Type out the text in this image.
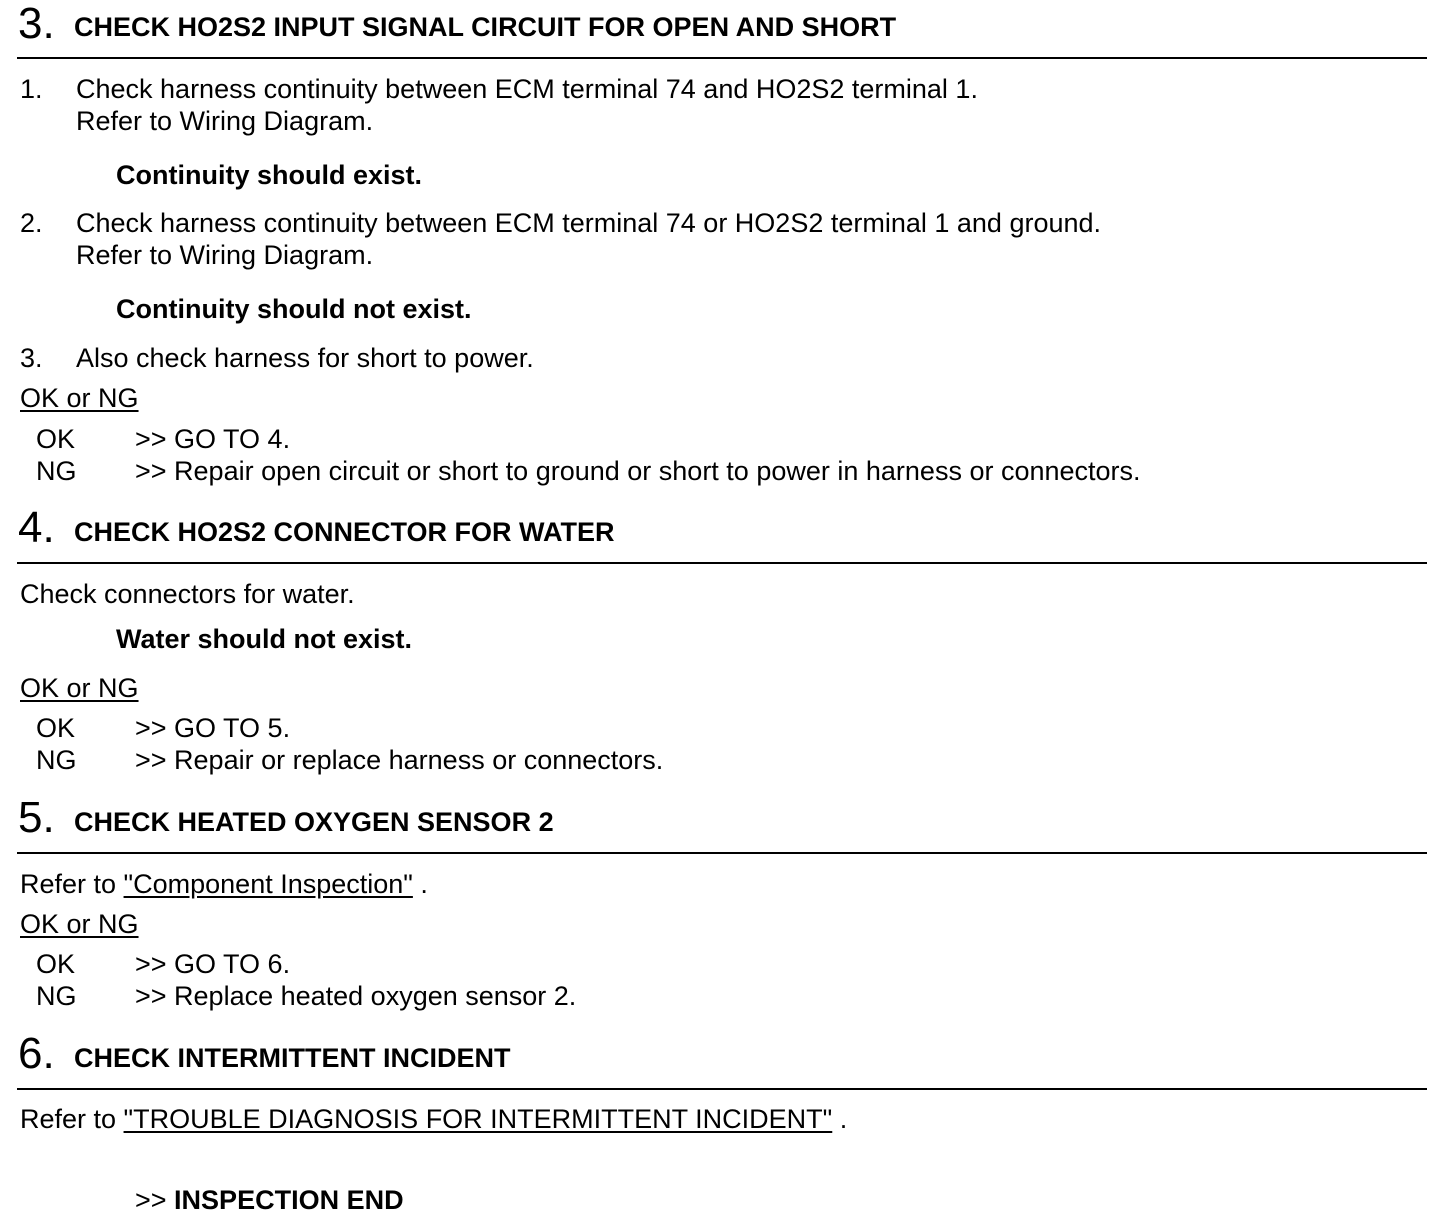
3. CHECK HO2S2 INPUT SIGNAL CIRCUIT FOR OPEN AND SHORT
1. Check harness continuity between ECM terminal 74 and HO2S2 terminal 1.
Refer to Wiring Diagram.
Continuity should exist.
2. Check harness continuity between ECM terminal 74 or HO2S2 terminal 1 and ground.
Refer to Wiring Diagram.
Continuity should not exist.
3. Also check harness for short to power.
OK or NG
OK >> GO TO 4.
NG >> Repair open circuit or short to ground or short to power in harness or connectors.
4. CHECK HO2S2 CONNECTOR FOR WATER
Check connectors for water.
Water should not exist.
OK or NG
OK >> GO TO 5.
NG >> Repair or replace harness or connectors.
5. CHECK HEATED OXYGEN SENSOR 2
Refer to "Component Inspection" .
OK or NG
OK >> GO TO 6.
NG >> Replace heated oxygen sensor 2.
6. CHECK INTERMITTENT INCIDENT
Refer to "TROUBLE DIAGNOSIS FOR INTERMITTENT INCIDENT" .
>> INSPECTION END
